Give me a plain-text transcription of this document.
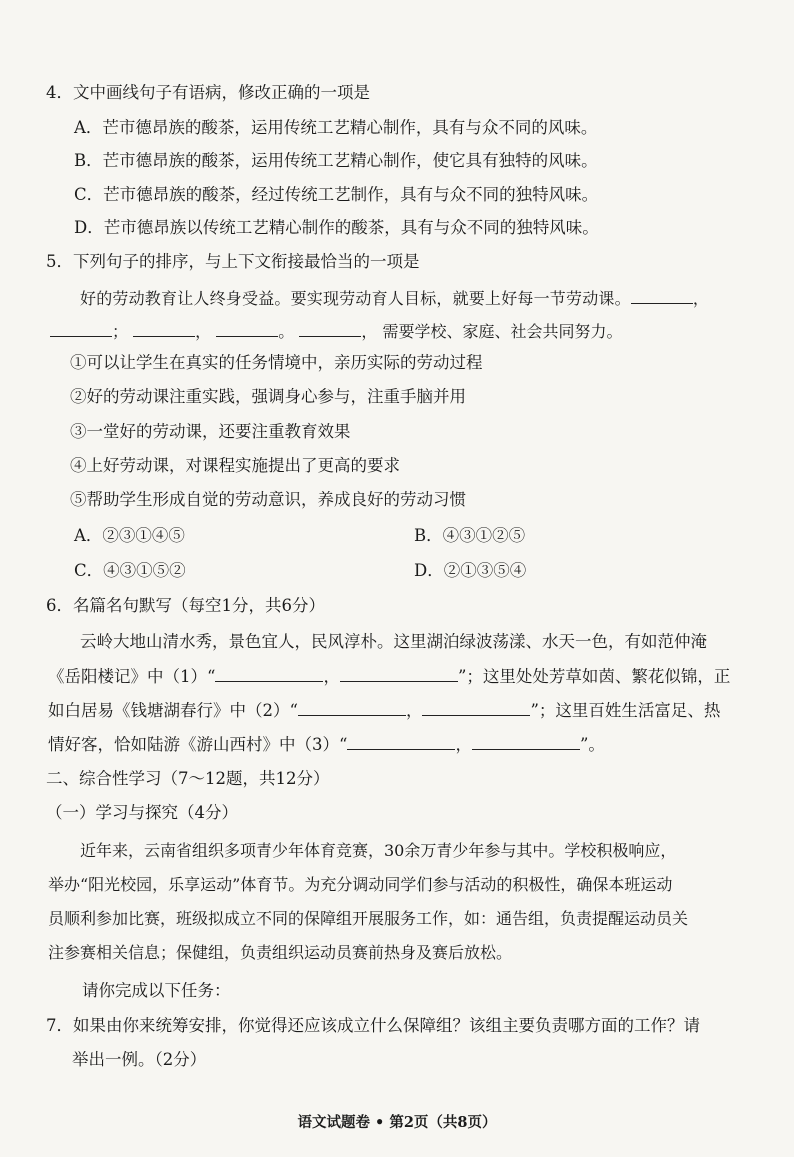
4．文中画线句子有语病，修改正确的一项是
A．芒市德昂族的酸茶，运用传统工艺精心制作，具有与众不同的风味。
B．芒市德昂族的酸茶，运用传统工艺精心制作，使它具有独特的风味。
C．芒市德昂族的酸茶，经过传统工艺制作，具有与众不同的独特风味。
D．芒市德昂族以传统工艺精心制作的酸茶，具有与众不同的独特风味。
5．下列句子的排序，与上下文衔接最恰当的一项是
好的劳动教育让人终身受益。要实现劳动育人目标，就要上好每一节劳动课。	，
；	，	。	， 需要学校、家庭、社会共同努力。
①可以让学生在真实的任务情境中，亲历实际的劳动过程
②好的劳动课注重实践，强调身心参与，注重手脑并用
③一堂好的劳动课，还要注重教育效果
④上好劳动课，对课程实施提出了更高的要求
⑤帮助学生形成自觉的劳动意识，养成良好的劳动习惯
A．②③①④⑤	B．④③①②⑤
C．④③①⑤②	D．②①③⑤④
6．名篇名句默写（每空1分，共6分）
云岭大地山清水秀，景色宜人，民风淳朴。这里湖泊绿波荡漾、水天一色，有如范仲淹
《岳阳楼记》中（1）“	，	”；这里处处芳草如茵、繁花似锦，正
如白居易《钱塘湖春行》中（2）“	，	”；这里百姓生活富足、热
情好客，恰如陆游《游山西村》中（3）“	，	”。
二、综合性学习（7～12题，共12分）
（一）学习与探究（4分）
近年来，云南省组织多项青少年体育竞赛，30余万青少年参与其中。学校积极响应，
举办“阳光校园，乐享运动”体育节。为充分调动同学们参与活动的积极性，确保本班运动
员顺利参加比赛，班级拟成立不同的保障组开展服务工作，如：通告组，负责提醒运动员关
注参赛相关信息；保健组，负责组织运动员赛前热身及赛后放松。
请你完成以下任务：
7．如果由你来统筹安排，你觉得还应该成立什么保障组？该组主要负责哪方面的工作？请
举出一例。（2分）
语文试题卷 • 第2页（共8页）
